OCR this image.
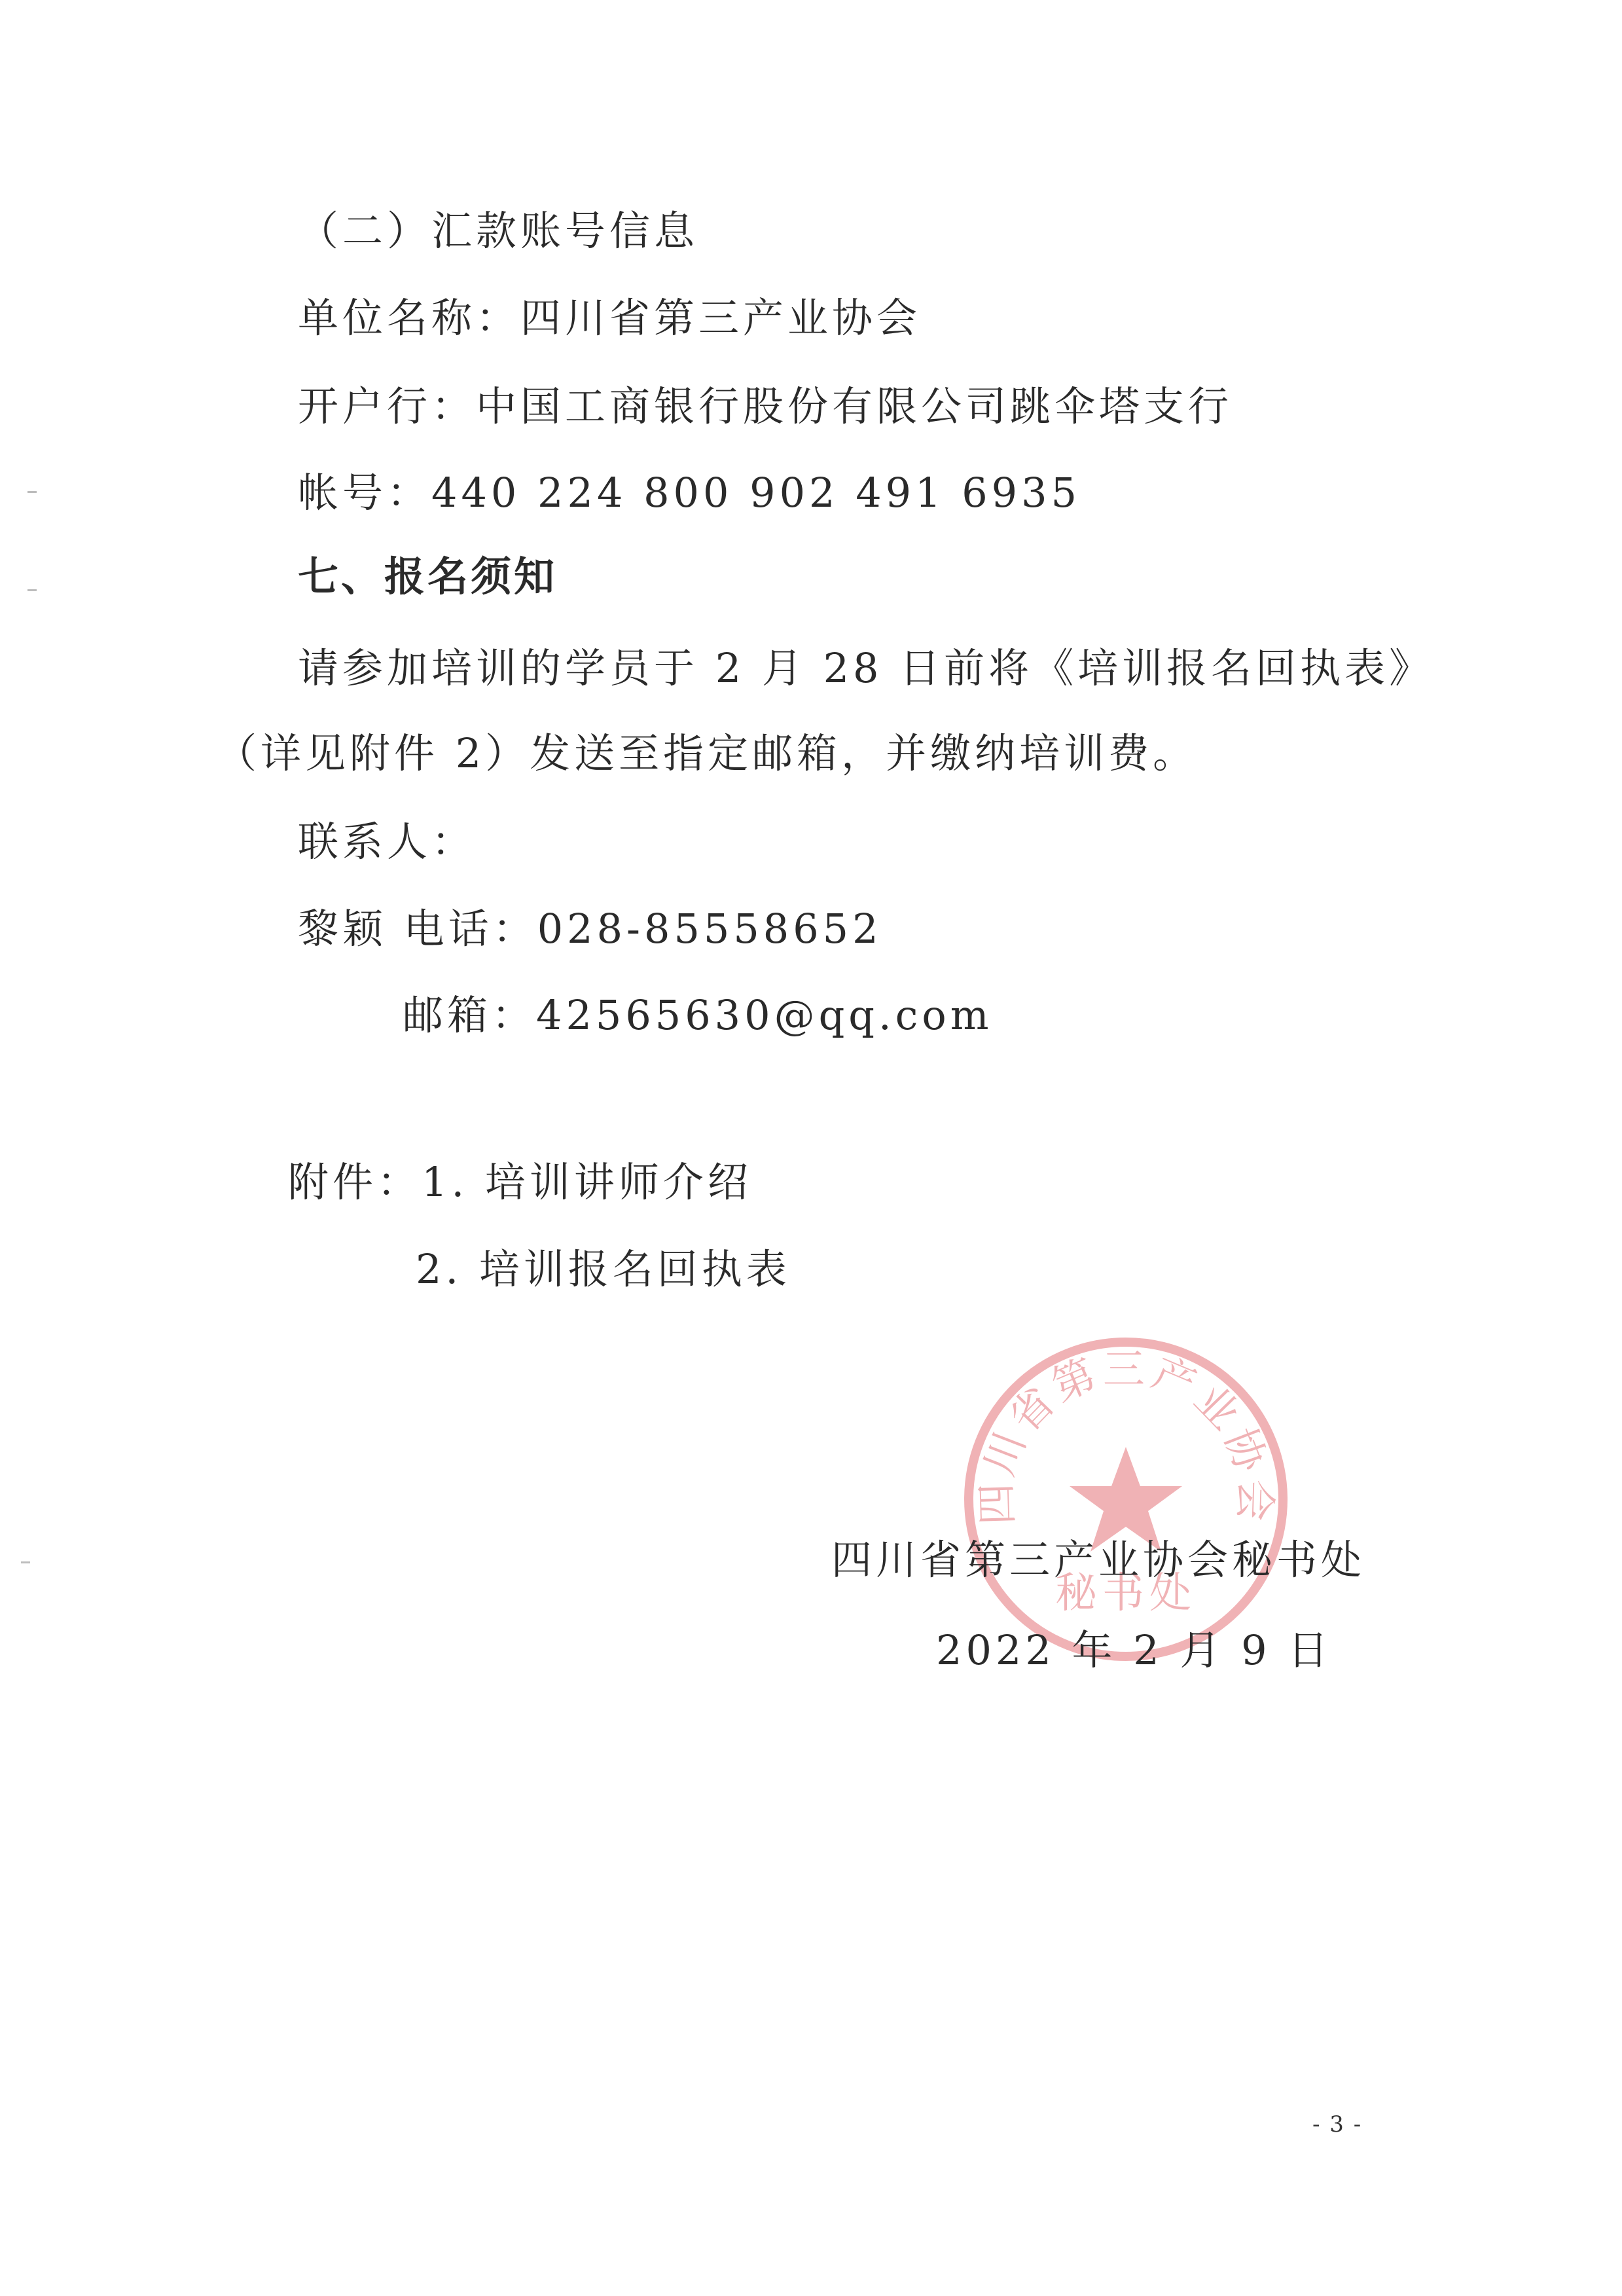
（二）汇款账号信息
单位名称：四川省第三产业协会
开户行：中国工商银行股份有限公司跳伞塔支行
帐号：440 224 800 902 491 6935
七、报名须知
请参加培训的学员于 2 月 28 日前将《培训报名回执表》
（详见附件 2）发送至指定邮箱，并缴纳培训费。
联系人：
黎颖 电话：028-85558652
邮箱：42565630@qq.com
附件：1. 培训讲师介绍
2. 培训报名回执表
四川省第三产业协会
秘书处
四川省第三产业协会秘书处
2022 年 2 月 9 日
- 3 -
